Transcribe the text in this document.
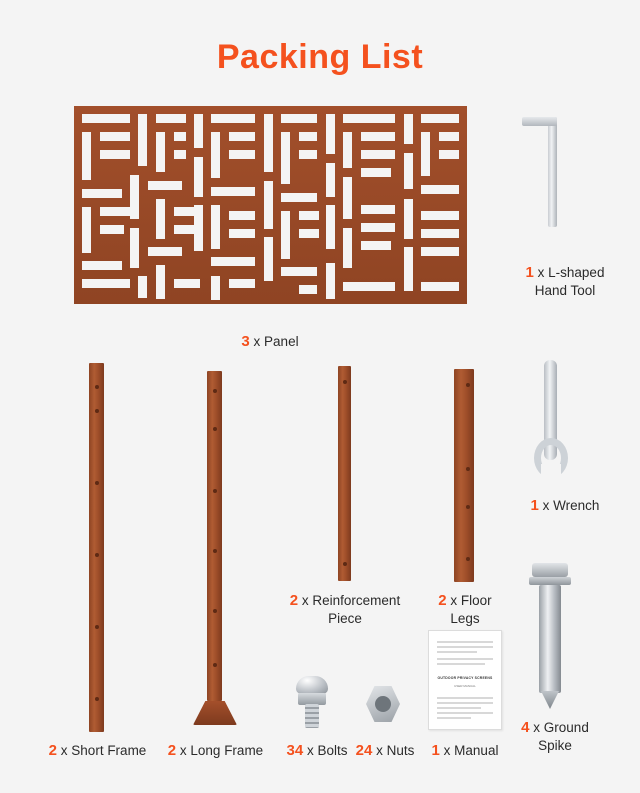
Packing List
3 x Panel
1 x L-shaped
Hand Tool
2 x Short Frame	2 x Long Frame
2 x Reinforcement
Piece
2 x Floor
Legs
1 x Wrench
4 x Ground
Spike
34 x Bolts 24 x Nuts
OUTDOOR PRIVACY SCREENS
USER MANUAL
1 x Manual
